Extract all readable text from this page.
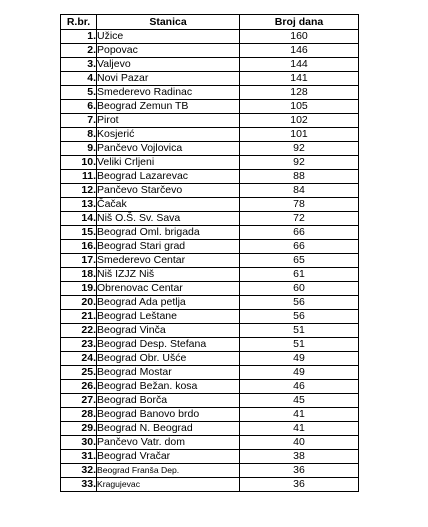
R.br.	Stanica	Broj dana
1.	Užice	160
2.	Popovac	146
3.	Valjevo	144
4.	Novi Pazar	141
5.	Smederevo Radinac	128
6.	Beograd Zemun TB	105
7.	Pirot	102
8.	Kosjerić	101
9.	Pančevo Vojlovica	92
10.	Veliki Crljeni	92
11.	Beograd Lazarevac	88
12.	Pančevo Starčevo	84
13.	Čačak	78
14.	Niš O.Š. Sv. Sava	72
15.	Beograd Oml. brigada	66
16.	Beograd Stari grad	66
17.	Smederevo Centar	65
18.	Niš IZJZ Niš	61
19.	Obrenovac Centar	60
20.	Beograd Ada petlja	56
21.	Beograd Leštane	56
22.	Beograd Vinča	51
23.	Beograd Desp. Stefana	51
24.	Beograd Obr. Ušće	49
25.	Beograd Mostar	49
26.	Beograd Bežan. kosa	46
27.	Beograd Borča	45
28.	Beograd Banovo brdo	41
29.	Beograd N. Beograd	41
30.	Pančevo Vatr. dom	40
31.	Beograd Vračar	38
32.	Beograd Franša Dep.	36
33.	Kragujevac	36
